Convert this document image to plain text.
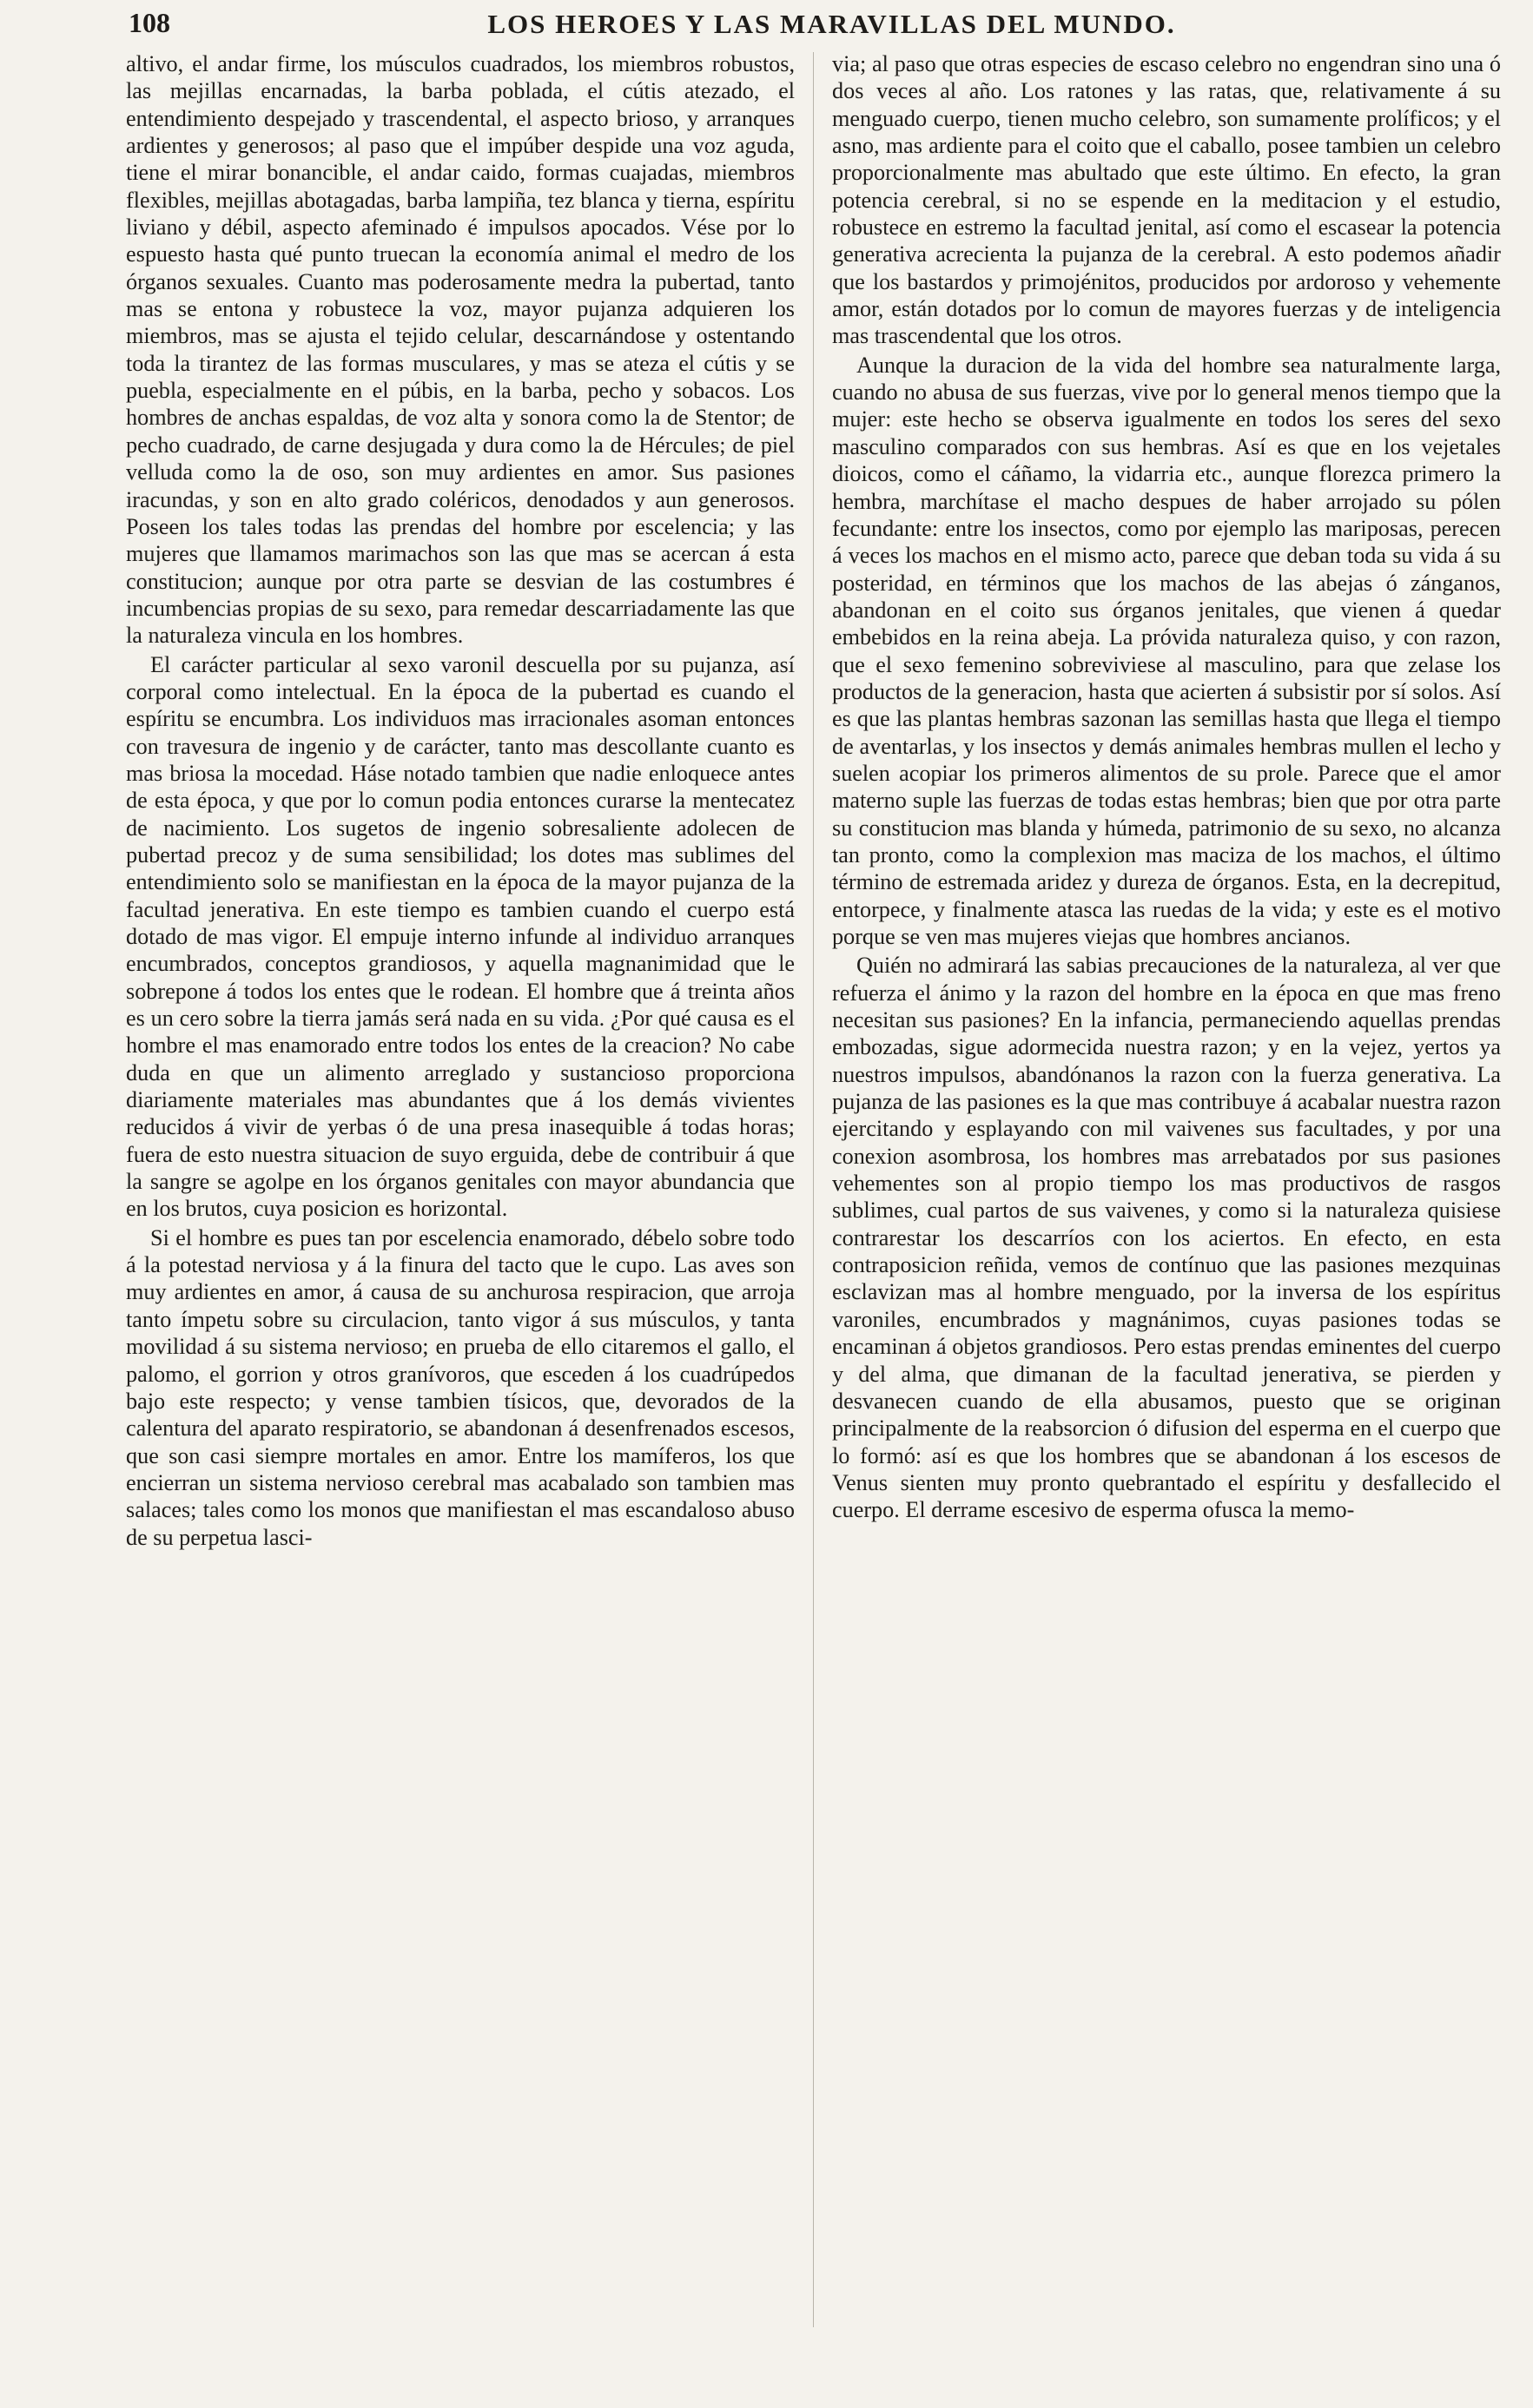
108	LOS HEROES Y LAS MARAVILLAS DEL MUNDO.

altivo, el andar firme, los músculos cuadrados, los miembros robustos, las mejillas encarnadas, la barba poblada, el cútis atezado, el entendimiento despejado y trascendental, el aspecto brioso, y arranques ardientes y generosos; al paso que el impúber despide una voz aguda, tiene el mirar bonancible, el andar caido, formas cuajadas, miembros flexibles, mejillas abotagadas, barba lampiña, tez blanca y tierna, espíritu liviano y débil, aspecto afeminado é impulsos apocados. Vése por lo espuesto hasta qué punto truecan la economía animal el medro de los órganos sexuales. Cuanto mas poderosamente medra la pubertad, tanto mas se entona y robustece la voz, mayor pujanza adquieren los miembros, mas se ajusta el tejido celular, descarnándose y ostentando toda la tirantez de las formas musculares, y mas se ateza el cútis y se puebla, especialmente en el púbis, en la barba, pecho y sobacos. Los hombres de anchas espaldas, de voz alta y sonora como la de Stentor; de pecho cuadrado, de carne desjugada y dura como la de Hércules; de piel velluda como la de oso, son muy ardientes en amor. Sus pasiones iracundas, y son en alto grado coléricos, denodados y aun generosos. Poseen los tales todas las prendas del hombre por escelencia; y las mujeres que llamamos marimachos son las que mas se acercan á esta constitucion; aunque por otra parte se desvian de las costumbres é incumbencias propias de su sexo, para remedar descarriadamente las que la naturaleza vincula en los hombres.

El carácter particular al sexo varonil descuella por su pujanza, así corporal como intelectual. En la época de la pubertad es cuando el espíritu se encumbra. Los individuos mas irracionales asoman entonces con travesura de ingenio y de carácter, tanto mas descollante cuanto es mas briosa la mocedad. Háse notado tambien que nadie enloquece antes de esta época, y que por lo comun podia entonces curarse la mentecatez de nacimiento. Los sugetos de ingenio sobresaliente adolecen de pubertad precoz y de suma sensibilidad; los dotes mas sublimes del entendimiento solo se manifiestan en la época de la mayor pujanza de la facultad jenerativa. En este tiempo es tambien cuando el cuerpo está dotado de mas vigor. El empuje interno infunde al individuo arranques encumbrados, conceptos grandiosos, y aquella magnanimidad que le sobrepone á todos los entes que le rodean. El hombre que á treinta años es un cero sobre la tierra jamás será nada en su vida. ¿Por qué causa es el hombre el mas enamorado entre todos los entes de la creacion? No cabe duda en que un alimento arreglado y sustancioso proporciona diariamente materiales mas abundantes que á los demás vivientes reducidos á vivir de yerbas ó de una presa inasequible á todas horas; fuera de esto nuestra situacion de suyo erguida, debe de contribuir á que la sangre se agolpe en los órganos genitales con mayor abundancia que en los brutos, cuya posicion es horizontal.

Si el hombre es pues tan por escelencia enamorado, débelo sobre todo á la potestad nerviosa y á la finura del tacto que le cupo. Las aves son muy ardientes en amor, á causa de su anchurosa respiracion, que arroja tanto ímpetu sobre su circulacion, tanto vigor á sus músculos, y tanta movilidad á su sistema nervioso; en prueba de ello citaremos el gallo, el palomo, el gorrion y otros granívoros, que esceden á los cuadrúpedos bajo este respecto; y vense tambien tísicos, que, devorados de la calentura del aparato respiratorio, se abandonan á desenfrenados escesos, que son casi siempre mortales en amor. Entre los mamíferos, los que encierran un sistema nervioso cerebral mas acabalado son tambien mas salaces; tales como los monos que manifiestan el mas escandaloso abuso de su perpetua lasci-

via; al paso que otras especies de escaso celebro no engendran sino una ó dos veces al año. Los ratones y las ratas, que, relativamente á su menguado cuerpo, tienen mucho celebro, son sumamente prolíficos; y el asno, mas ardiente para el coito que el caballo, posee tambien un celebro proporcionalmente mas abultado que este último. En efecto, la gran potencia cerebral, si no se espende en la meditacion y el estudio, robustece en estremo la facultad jenital, así como el escasear la potencia generativa acrecienta la pujanza de la cerebral. A esto podemos añadir que los bastardos y primojénitos, producidos por ardoroso y vehemente amor, están dotados por lo comun de mayores fuerzas y de inteligencia mas trascendental que los otros.

Aunque la duracion de la vida del hombre sea naturalmente larga, cuando no abusa de sus fuerzas, vive por lo general menos tiempo que la mujer: este hecho se observa igualmente en todos los seres del sexo masculino comparados con sus hembras. Así es que en los vejetales dioicos, como el cáñamo, la vidarria etc., aunque florezca primero la hembra, marchítase el macho despues de haber arrojado su pólen fecundante: entre los insectos, como por ejemplo las mariposas, perecen á veces los machos en el mismo acto, parece que deban toda su vida á su posteridad, en términos que los machos de las abejas ó zánganos, abandonan en el coito sus órganos jenitales, que vienen á quedar embebidos en la reina abeja. La próvida naturaleza quiso, y con razon, que el sexo femenino sobreviviese al masculino, para que zelase los productos de la generacion, hasta que acierten á subsistir por sí solos. Así es que las plantas hembras sazonan las semillas hasta que llega el tiempo de aventarlas, y los insectos y demás animales hembras mullen el lecho y suelen acopiar los primeros alimentos de su prole. Parece que el amor materno suple las fuerzas de todas estas hembras; bien que por otra parte su constitucion mas blanda y húmeda, patrimonio de su sexo, no alcanza tan pronto, como la complexion mas maciza de los machos, el último término de estremada aridez y dureza de órganos. Esta, en la decrepitud, entorpece, y finalmente atasca las ruedas de la vida; y este es el motivo porque se ven mas mujeres viejas que hombres ancianos.

Quién no admirará las sabias precauciones de la naturaleza, al ver que refuerza el ánimo y la razon del hombre en la época en que mas freno necesitan sus pasiones? En la infancia, permaneciendo aquellas prendas embozadas, sigue adormecida nuestra razon; y en la vejez, yertos ya nuestros impulsos, abandónanos la razon con la fuerza generativa. La pujanza de las pasiones es la que mas contribuye á acabalar nuestra razon ejercitando y esplayando con mil vaivenes sus facultades, y por una conexion asombrosa, los hombres mas arrebatados por sus pasiones vehementes son al propio tiempo los mas productivos de rasgos sublimes, cual partos de sus vaivenes, y como si la naturaleza quisiese contrarestar los descarríos con los aciertos. En efecto, en esta contraposicion reñida, vemos de contínuo que las pasiones mezquinas esclavizan mas al hombre menguado, por la inversa de los espíritus varoniles, encumbrados y magnánimos, cuyas pasiones todas se encaminan á objetos grandiosos. Pero estas prendas eminentes del cuerpo y del alma, que dimanan de la facultad jenerativa, se pierden y desvanecen cuando de ella abusamos, puesto que se originan principalmente de la reabsorcion ó difusion del esperma en el cuerpo que lo formó: así es que los hombres que se abandonan á los escesos de Venus sienten muy pronto quebrantado el espíritu y desfallecido el cuerpo. El derrame escesivo de esperma ofusca la memo-
